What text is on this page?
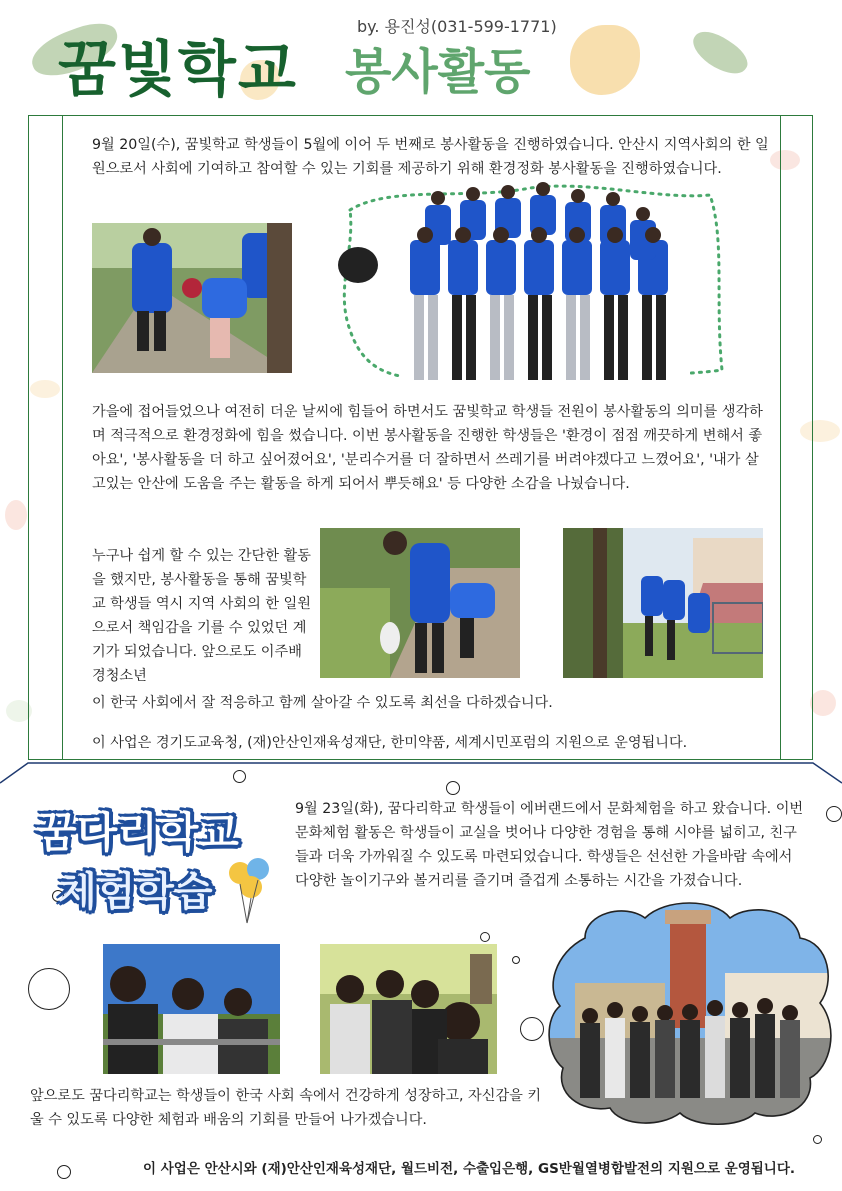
꿈빛학교 봉사활동
by. 용진성(031-599-1771)

9월 20일(수), 꿈빛학교 학생들이 5월에 이어 두 번째로 봉사활동을 진행하였습니다. 안산시 지역사회의 한 일원으로서 사회에 기여하고 참여할 수 있는 기회를 제공하기 위해 환경정화 봉사활동을 진행하였습니다.

가을에 접어들었으나 여전히 더운 날씨에 힘들어 하면서도 꿈빛학교 학생들 전원이 봉사활동의 의미를 생각하며 적극적으로 환경정화에 힘을 썼습니다. 이번 봉사활동을 진행한 학생들은 '환경이 점점 깨끗하게 변해서 좋아요', '봉사활동을 더 하고 싶어졌어요', '분리수거를 더 잘하면서 쓰레기를 버려야겠다고 느꼈어요', '내가 살고있는 안산에 도움을 주는 활동을 하게 되어서 뿌듯해요' 등 다양한 소감을 나눴습니다.

누구나 쉽게 할 수 있는 간단한 활동을 했지만, 봉사활동을 통해 꿈빛학교 학생들 역시 지역 사회의 한 일원으로서 책임감을 기를 수 있었던 계기가 되었습니다. 앞으로도 이주배경청소년

이 한국 사회에서 잘 적응하고 함께 살아갈 수 있도록 최선을 다하겠습니다.

이 사업은 경기도교육청, (재)안산인재육성재단, 한미약품, 세계시민포럼의 지원으로 운영됩니다.

꿈다리학교
체험학습

9월 23일(화), 꿈다리학교 학생들이 에버랜드에서 문화체험을 하고 왔습니다. 이번 문화체험 활동은 학생들이 교실을 벗어나 다양한 경험을 통해 시야를 넓히고, 친구들과 더욱 가까워질 수 있도록 마련되었습니다. 학생들은 선선한 가을바람 속에서 다양한 놀이기구와 볼거리를 즐기며 즐겁게 소통하는 시간을 가졌습니다.

앞으로도 꿈다리학교는 학생들이 한국 사회 속에서 건강하게 성장하고, 자신감을 키울 수 있도록 다양한 체험과 배움의 기회를 만들어 나가겠습니다.

이 사업은 안산시와 (재)안산인재육성재단, 월드비전, 수출입은행, GS반월열병합발전의 지원으로 운영됩니다.
